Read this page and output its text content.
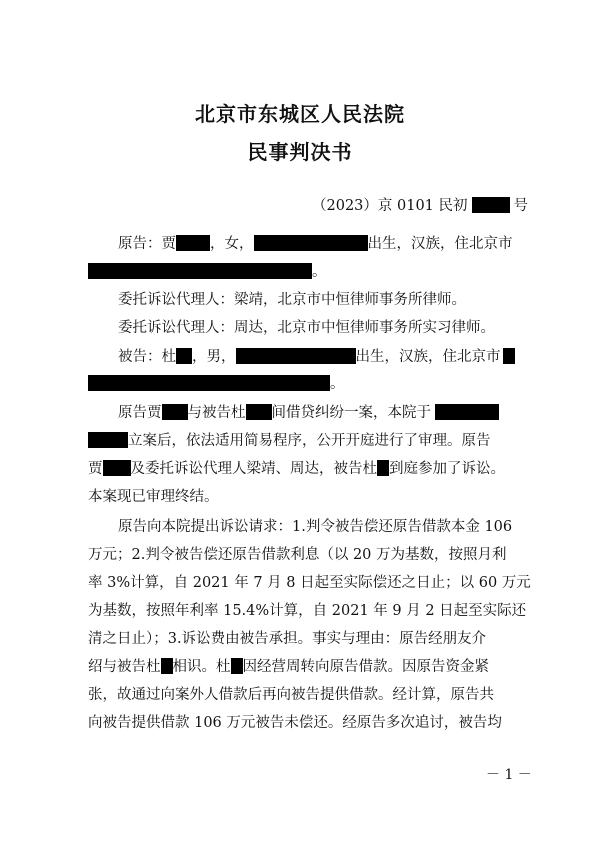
北京市东城区人民法院
民事判决书
（2023）京 0101 民初	号
原告：贾 ，女，	出生，汉族，住北京市
。
委托诉讼代理人：梁靖，北京市中恒律师事务所律师。
委托诉讼代理人：周达，北京市中恒律师事务所实习律师。
被告：杜 ，男，	出生，汉族，住北京市
。
原告贾 与被告杜 间借贷纠纷一案，本院于
立案后，依法适用简易程序，公开开庭进行了审理。原告
贾 及委托诉讼代理人梁靖、周达，被告杜 到庭参加了诉讼。
本案现已审理终结。
原告向本院提出诉讼请求：1.判令被告偿还原告借款本金 106
万元；2.判令被告偿还原告借款利息（以 20 万为基数，按照月利
率 3%计算，自 2021 年 7 月 8 日起至实际偿还之日止；以 60 万元
为基数，按照年利率 15.4%计算，自 2021 年 9 月 2 日起至实际还
清之日止）；3.诉讼费由被告承担。事实与理由：原告经朋友介
绍与被告杜 相识。杜 因经营周转向原告借款。因原告资金紧
张，故通过向案外人借款后再向被告提供借款。经计算，原告共
向被告提供借款 106 万元被告未偿还。经原告多次追讨，被告均
－ 1 －
